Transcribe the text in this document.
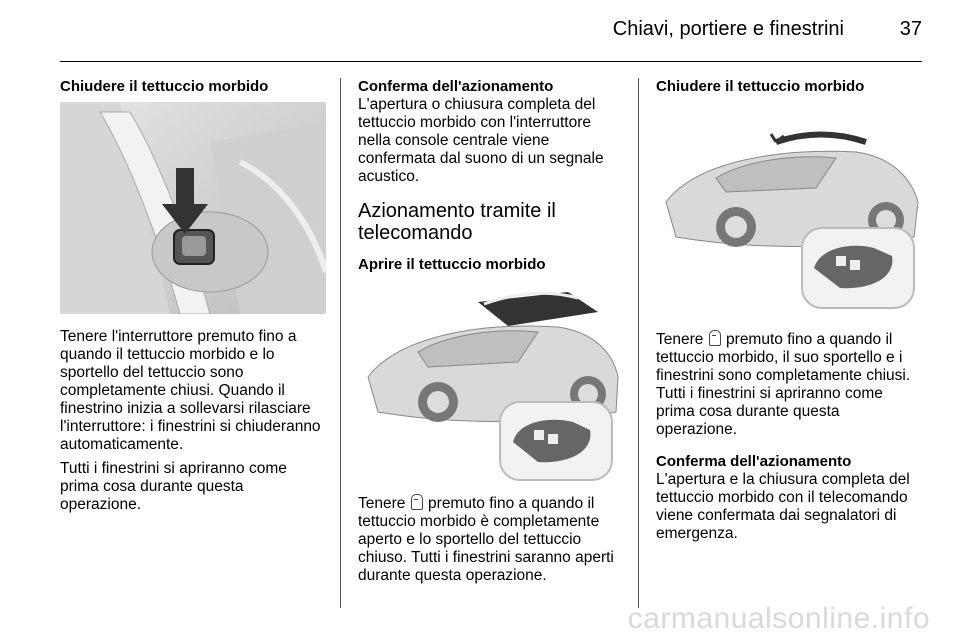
Chiavi, portiere e finestrini	37
Chiudere il tettuccio morbido

Tenere l'interruttore premuto fino a quando il tettuccio morbido e lo sportello del tettuccio sono completamente chiusi. Quando il finestrino inizia a sollevarsi rilasciare l'interruttore: i finestrini si chiuderanno automaticamente.

Tutti i finestrini si apriranno come prima cosa durante questa operazione.

Conferma dell'azionamento

L'apertura o chiusura completa del tettuccio morbido con l'interruttore nella console centrale viene confermata dal suono di un segnale acustico.

Azionamento tramite il telecomando
Aprire il tettuccio morbido

Tenere premuto fino a quando il tettuccio morbido è completamente aperto e lo sportello del tettuccio chiuso. Tutti i finestrini saranno aperti durante questa operazione.

Chiudere il tettuccio morbido

Tenere premuto fino a quando il tettuccio morbido, il suo sportello e i finestrini sono completamente chiusi. Tutti i finestrini si apriranno come prima cosa durante questa operazione.

Conferma dell'azionamento

L'apertura e la chiusura completa del tettuccio morbido con il telecomando viene confermata dai segnalatori di emergenza.

carmanualsonline.info
